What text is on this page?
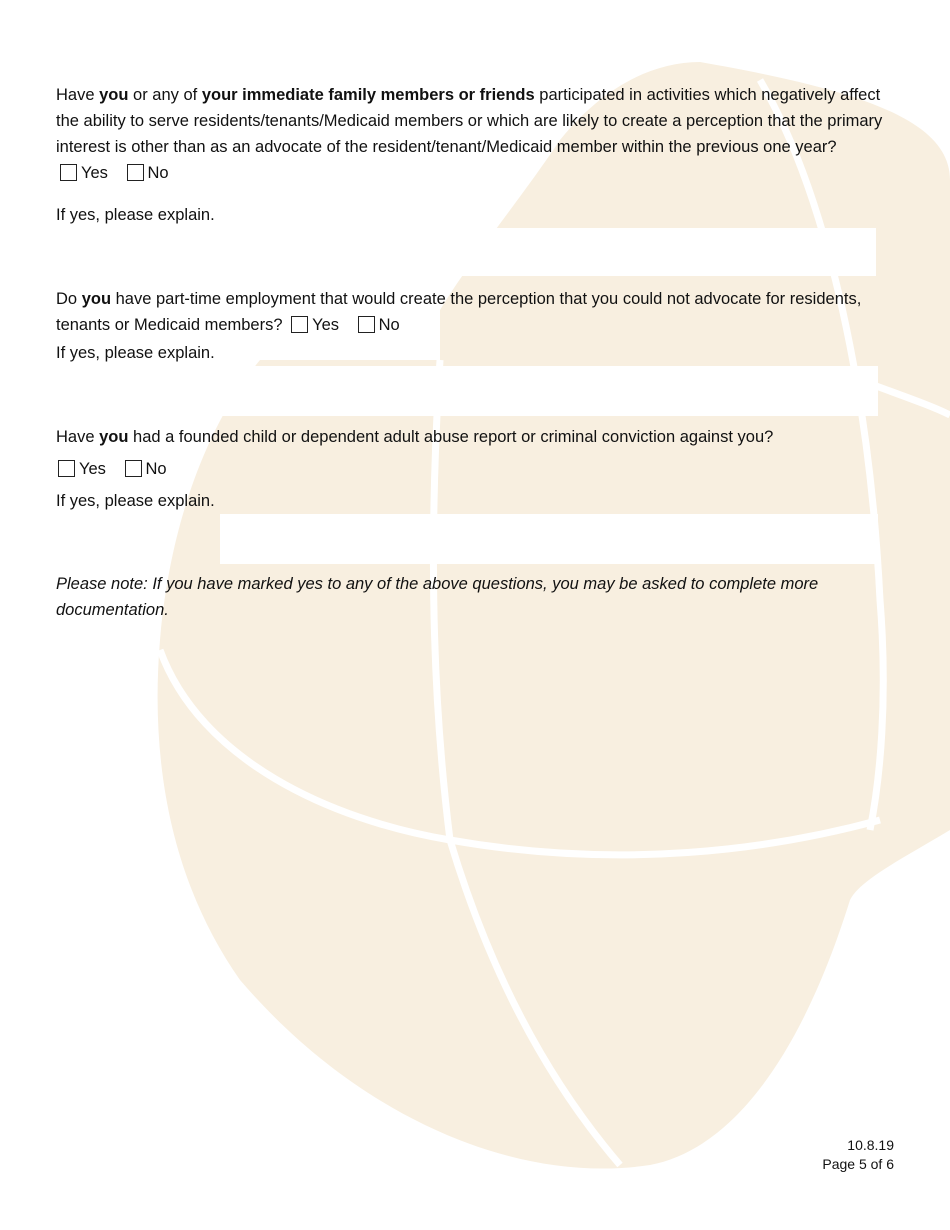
Have you or any of your immediate family members or friends participated in activities which negatively affect the ability to serve residents/tenants/Medicaid members or which are likely to create a perception that the primary interest is other than as an advocate of the resident/tenant/Medicaid member within the previous one year? Yes No

If yes, please explain.

Do you have part-time employment that would create the perception that you could not advocate for residents, tenants or Medicaid members? Yes No

If yes, please explain.

Have you had a founded child or dependent adult abuse report or criminal conviction against you?

Yes No

If yes, please explain.

Please note: If you have marked yes to any of the above questions, you may be asked to complete more documentation.

10.8.19
Page 5 of 6
